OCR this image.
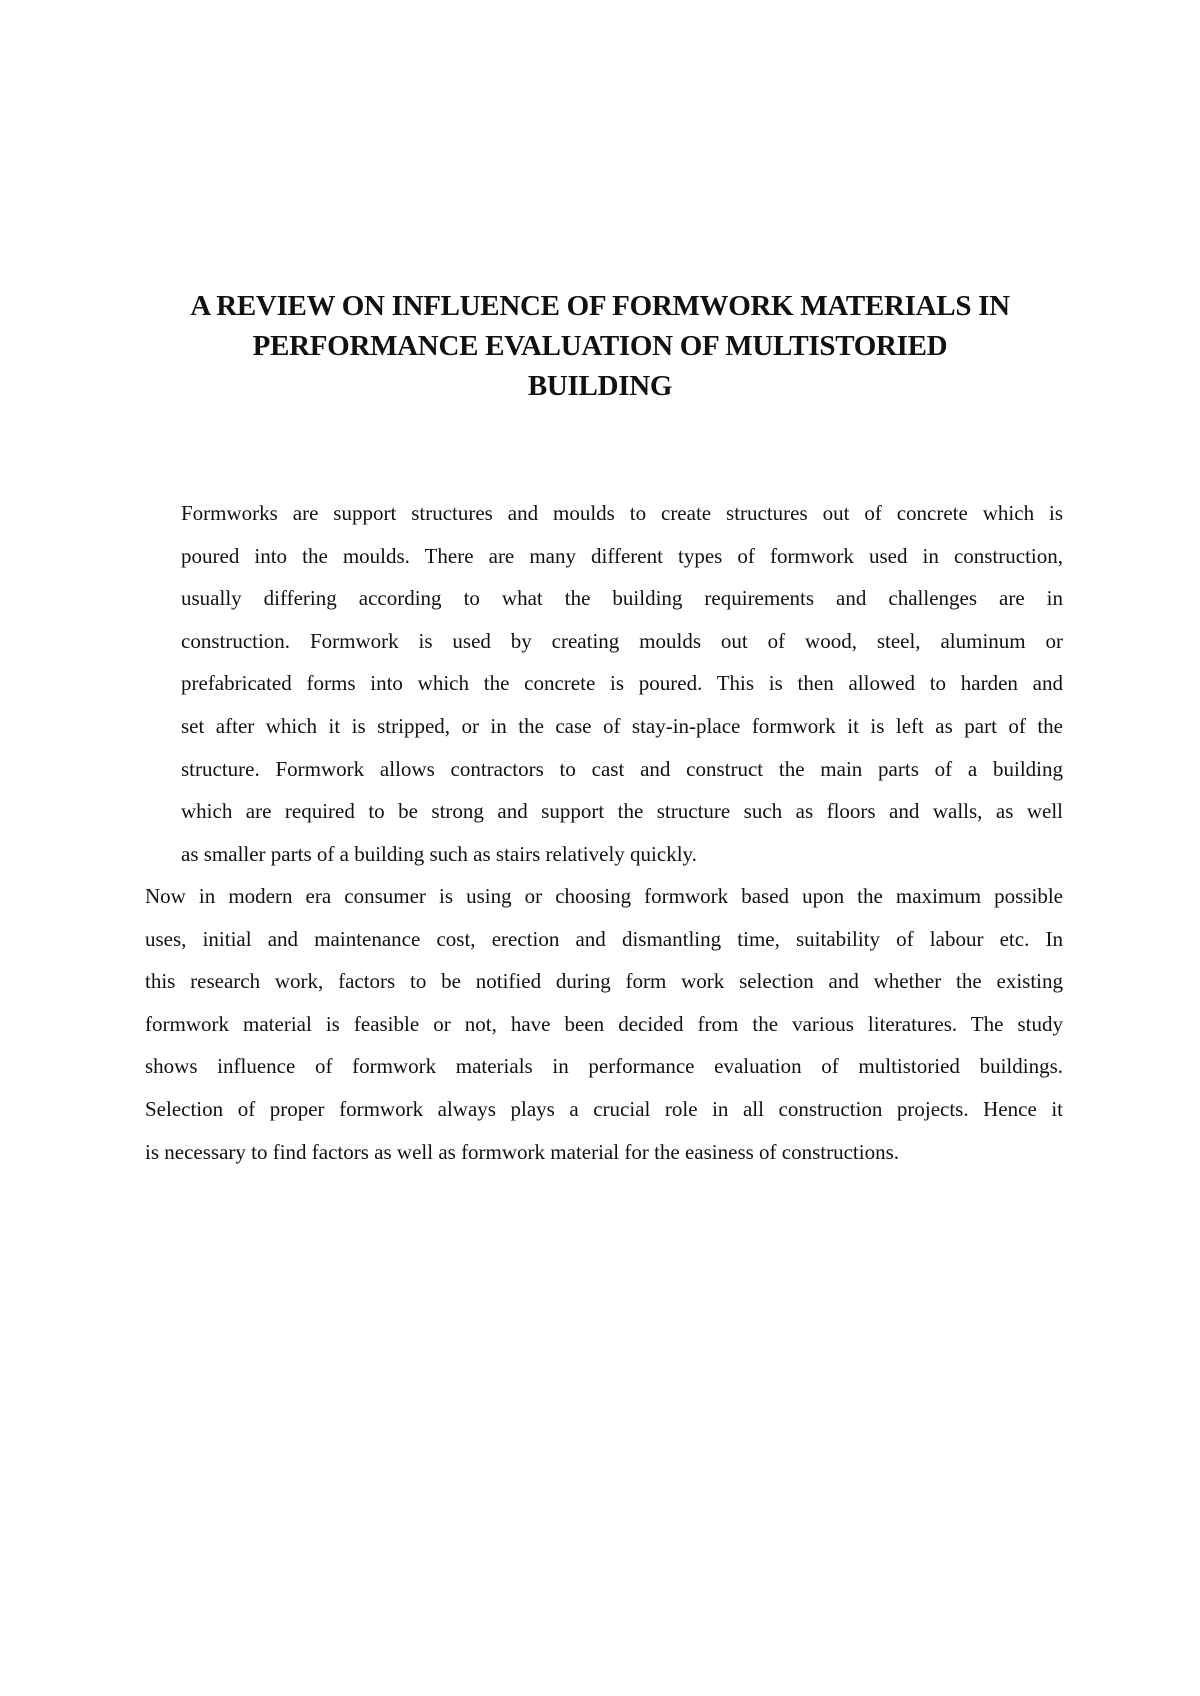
A REVIEW ON INFLUENCE OF FORMWORK MATERIALS IN
PERFORMANCE EVALUATION OF MULTISTORIED
BUILDING

Formworks are support structures and moulds to create structures out of concrete which is
poured into the moulds. There are many different types of formwork used in construction,
usually differing according to what the building requirements and challenges are in
construction. Formwork is used by creating moulds out of wood, steel, aluminum or
prefabricated forms into which the concrete is poured. This is then allowed to harden and
set after which it is stripped, or in the case of stay-in-place formwork it is left as part of the
structure. Formwork allows contractors to cast and construct the main parts of a building
which are required to be strong and support the structure such as floors and walls, as well
as smaller parts of a building such as stairs relatively quickly.

Now in modern era consumer is using or choosing formwork based upon the maximum possible
uses, initial and maintenance cost, erection and dismantling time, suitability of labour etc. In
this research work, factors to be notified during form work selection and whether the existing
formwork material is feasible or not, have been decided from the various literatures. The study
shows influence of formwork materials in performance evaluation of multistoried buildings.
Selection of proper formwork always plays a crucial role in all construction projects. Hence it
is necessary to find factors as well as formwork material for the easiness of constructions.
